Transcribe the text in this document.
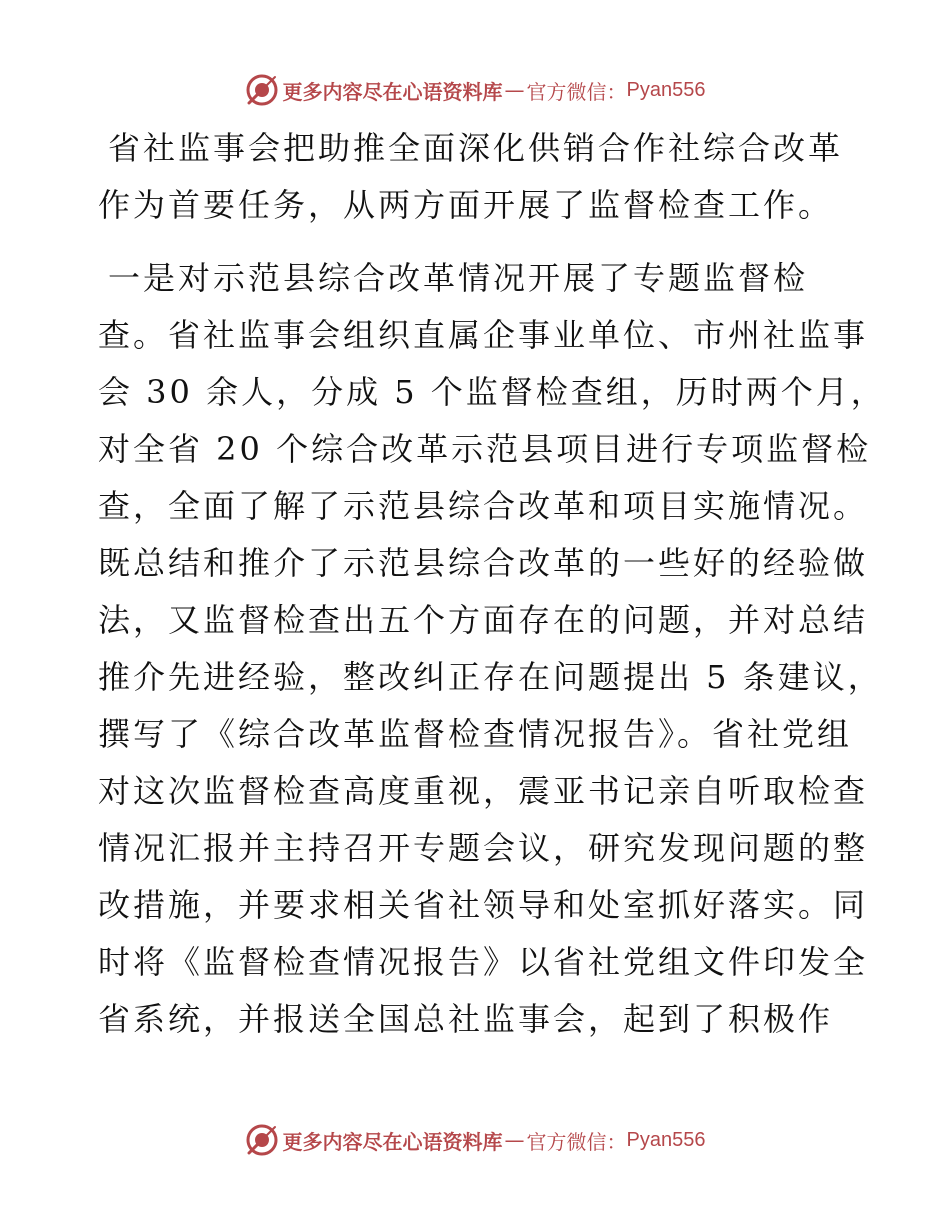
更多内容尽在心语资料库 — 官方微信： Pyan556
省社监事会把助推全面深化供销合作社综合改革
作为首要任务，从两方面开展了监督检查工作。
一是对示范县综合改革情况开展了专题监督检
查。省社监事会组织直属企事业单位、市州社监事
会 30 余人，分成 5 个监督检查组，历时两个月，
对全省 20 个综合改革示范县项目进行专项监督检
查，全面了解了示范县综合改革和项目实施情况。
既总结和推介了示范县综合改革的一些好的经验做
法，又监督检查出五个方面存在的问题，并对总结
推介先进经验，整改纠正存在问题提出 5 条建议，
撰写了《综合改革监督检查情况报告》。省社党组
对这次监督检查高度重视，震亚书记亲自听取检查
情况汇报并主持召开专题会议，研究发现问题的整
改措施，并要求相关省社领导和处室抓好落实。同
时将《监督检查情况报告》以省社党组文件印发全
省系统，并报送全国总社监事会，起到了积极作
更多内容尽在心语资料库 — 官方微信： Pyan556
